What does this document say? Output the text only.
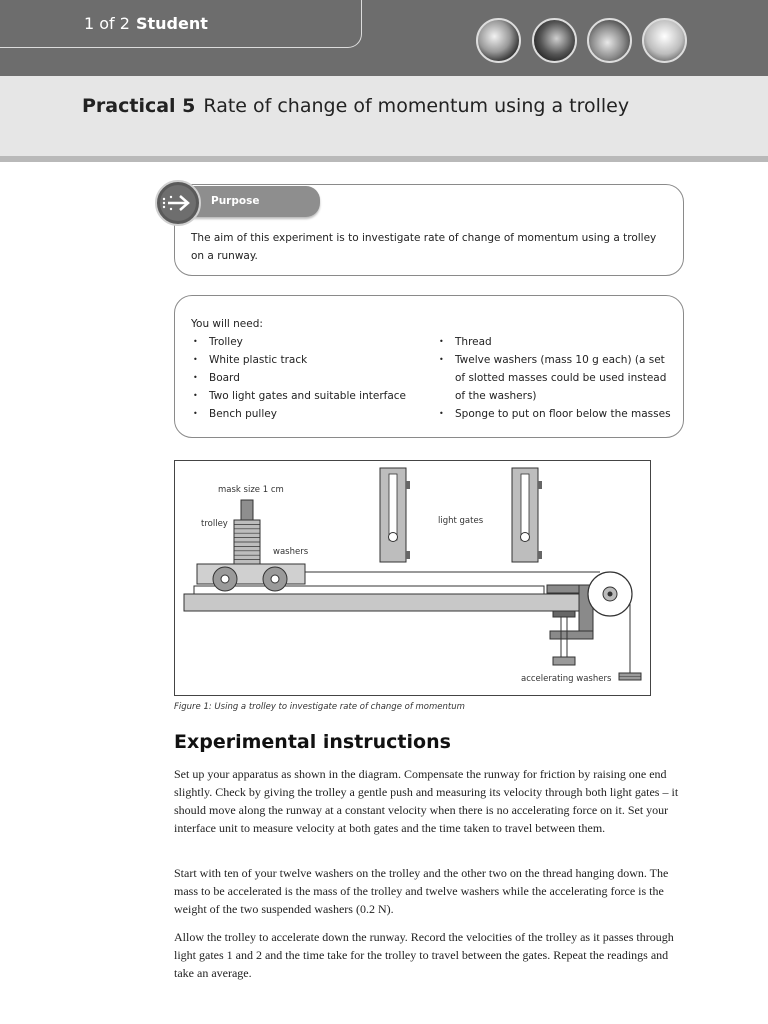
1 of 2 Student
Practical 5 Rate of change of momentum using a trolley
Purpose
The aim of this experiment is to investigate rate of change of momentum using a trolley on a runway.
You will need:
• Trolley
• White plastic track
• Board
• Two light gates and suitable interface
• Bench pulley
• Thread
• Twelve washers (mass 10 g each) (a set of slotted masses could be used instead of the washers)
• Sponge to put on floor below the masses
mask size 1 cm
trolley
washers
light gates
accelerating washers
Figure 1: Using a trolley to investigate rate of change of momentum
Experimental instructions

Set up your apparatus as shown in the diagram. Compensate the runway for friction by raising one end slightly. Check by giving the trolley a gentle push and measuring its velocity through both light gates – it should move along the runway at a constant velocity when there is no accelerating force on it. Set your interface unit to measure velocity at both gates and the time taken to travel between them.

Start with ten of your twelve washers on the trolley and the other two on the thread hanging down. The mass to be accelerated is the mass of the trolley and twelve washers while the accelerating force is the weight of the two suspended washers (0.2 N).

Allow the trolley to accelerate down the runway. Record the velocities of the trolley as it passes through light gates 1 and 2 and the time take for the trolley to travel between the gates. Repeat the readings and take an average.
